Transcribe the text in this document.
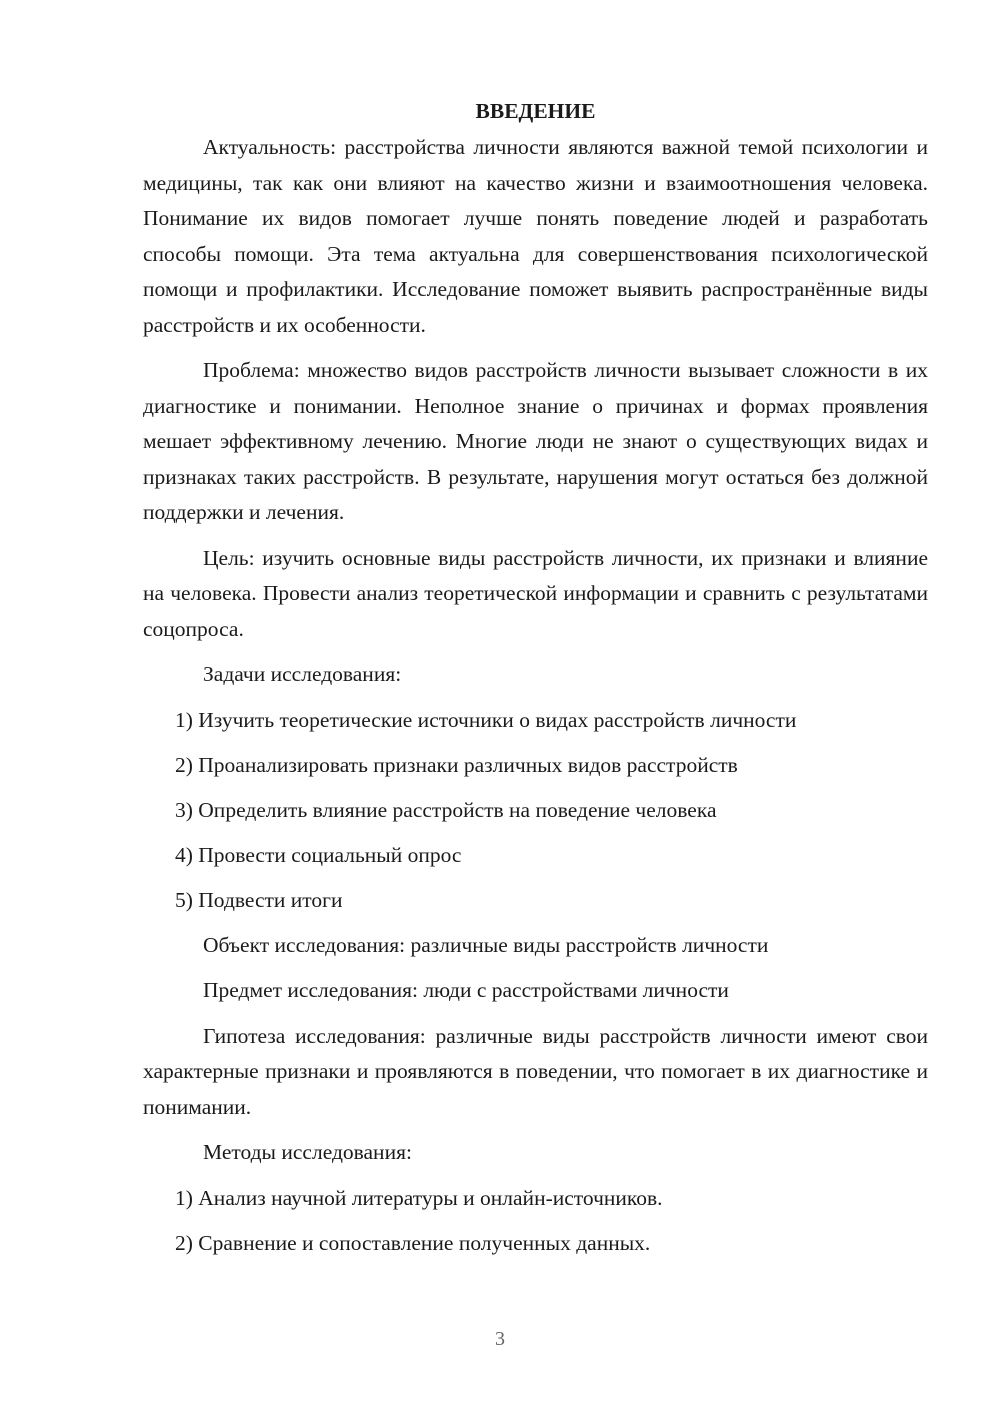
ВВЕДЕНИЕ

Актуальность: расстройства личности являются важной темой психологии и медицины, так как они влияют на качество жизни и взаимоотношения человека. Понимание их видов помогает лучше понять поведение людей и разработать способы помощи. Эта тема актуальна для совершенствования психологической помощи и профилактики. Исследование поможет выявить распространённые виды расстройств и их особенности.

Проблема: множество видов расстройств личности вызывает сложности в их диагностике и понимании. Неполное знание о причинах и формах проявления мешает эффективному лечению. Многие люди не знают о существующих видах и признаках таких расстройств. В результате, нарушения могут остаться без должной поддержки и лечения.

Цель: изучить основные виды расстройств личности, их признаки и влияние на человека. Провести анализ теоретической информации и сравнить с результатами соцопроса.

Задачи исследования:

1) Изучить теоретические источники о видах расстройств личности
2) Проанализировать признаки различных видов расстройств
3) Определить влияние расстройств на поведение человека
4) Провести социальный опрос
5) Подвести итоги

Объект исследования: различные виды расстройств личности

Предмет исследования: люди с расстройствами личности

Гипотеза исследования: различные виды расстройств личности имеют свои характерные признаки и проявляются в поведении, что помогает в их диагностике и понимании.

Методы исследования:

1) Анализ научной литературы и онлайн-источников.
2) Сравнение и сопоставление полученных данных.
3
